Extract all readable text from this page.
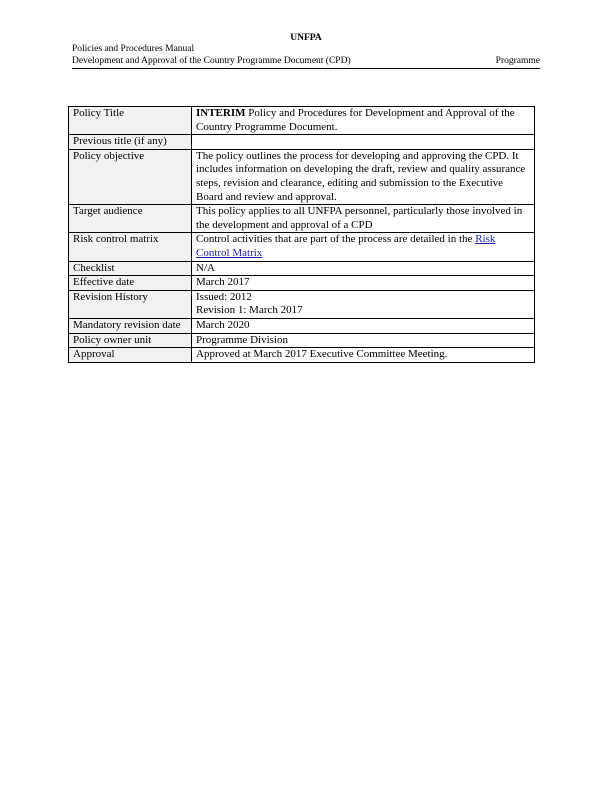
UNFPA
Policies and Procedures Manual
Development and Approval of the Country Programme Document (CPD)	Programme
Policy Title	INTERIM Policy and Procedures for Development and Approval of the Country Programme Document.
Previous title (if any)	
Policy objective	The policy outlines the process for developing and approving the CPD. It includes information on developing the draft, review and quality assurance steps, revision and clearance, editing and submission to the Executive Board and review and approval.
Target audience	This policy applies to all UNFPA personnel, particularly those involved in the development and approval of a CPD
Risk control matrix	Control activities that are part of the process are detailed in the Risk Control Matrix
Checklist	N/A
Effective date	March 2017
Revision History	Issued: 2012
Revision 1: March 2017

Mandatory revision date	March 2020
Policy owner unit	Programme Division
Approval	Approved at March 2017 Executive Committee Meeting.
